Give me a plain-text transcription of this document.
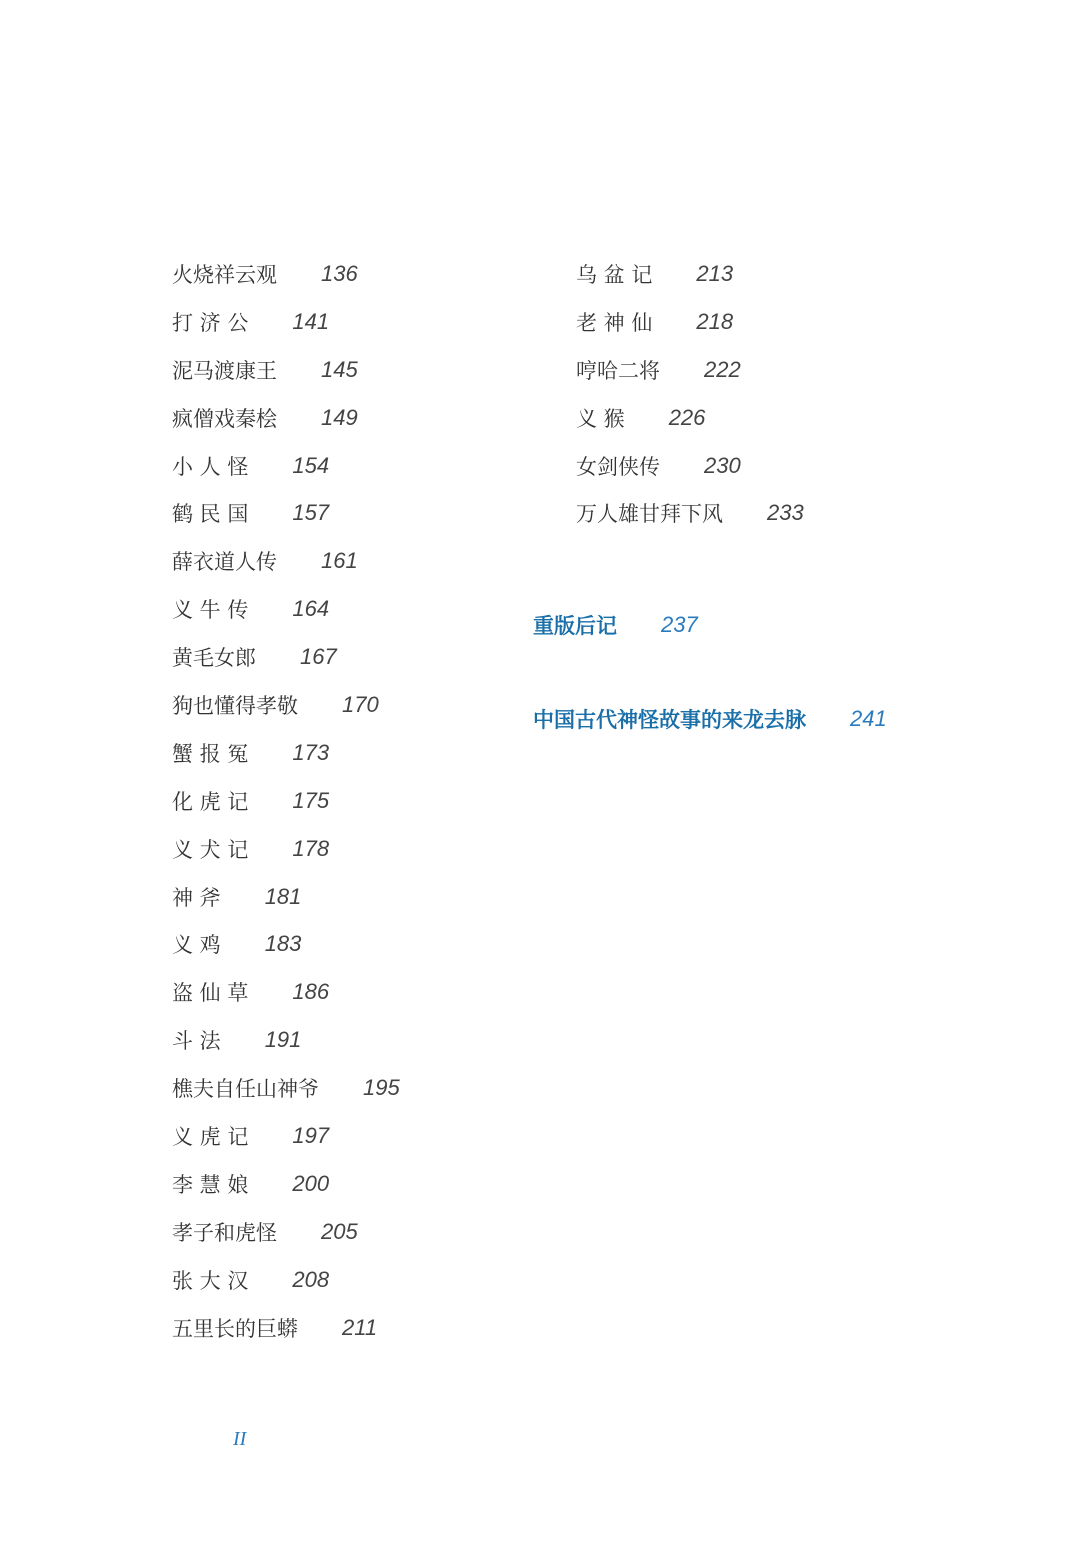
火烧祥云观 136
打 济 公 141
泥马渡康王 145
疯僧戏秦桧 149
小 人 怪 154
鹤 民 国 157
薛衣道人传 161
义 牛 传 164
黄毛女郎 167
狗也懂得孝敬 170
蟹 报 冤 173
化 虎 记 175
义 犬 记 178
神 斧 181
义 鸡 183
盗 仙 草 186
斗 法 191
樵夫自任山神爷 195
义 虎 记 197
李 慧 娘 200
孝子和虎怪 205
张 大 汉 208
五里长的巨蟒 211
乌 盆 记 213
老 神 仙 218
哼哈二将 222
义 猴 226
女剑侠传 230
万人雄甘拜下风 233
重版后记 237
中国古代神怪故事的来龙去脉 241
II
